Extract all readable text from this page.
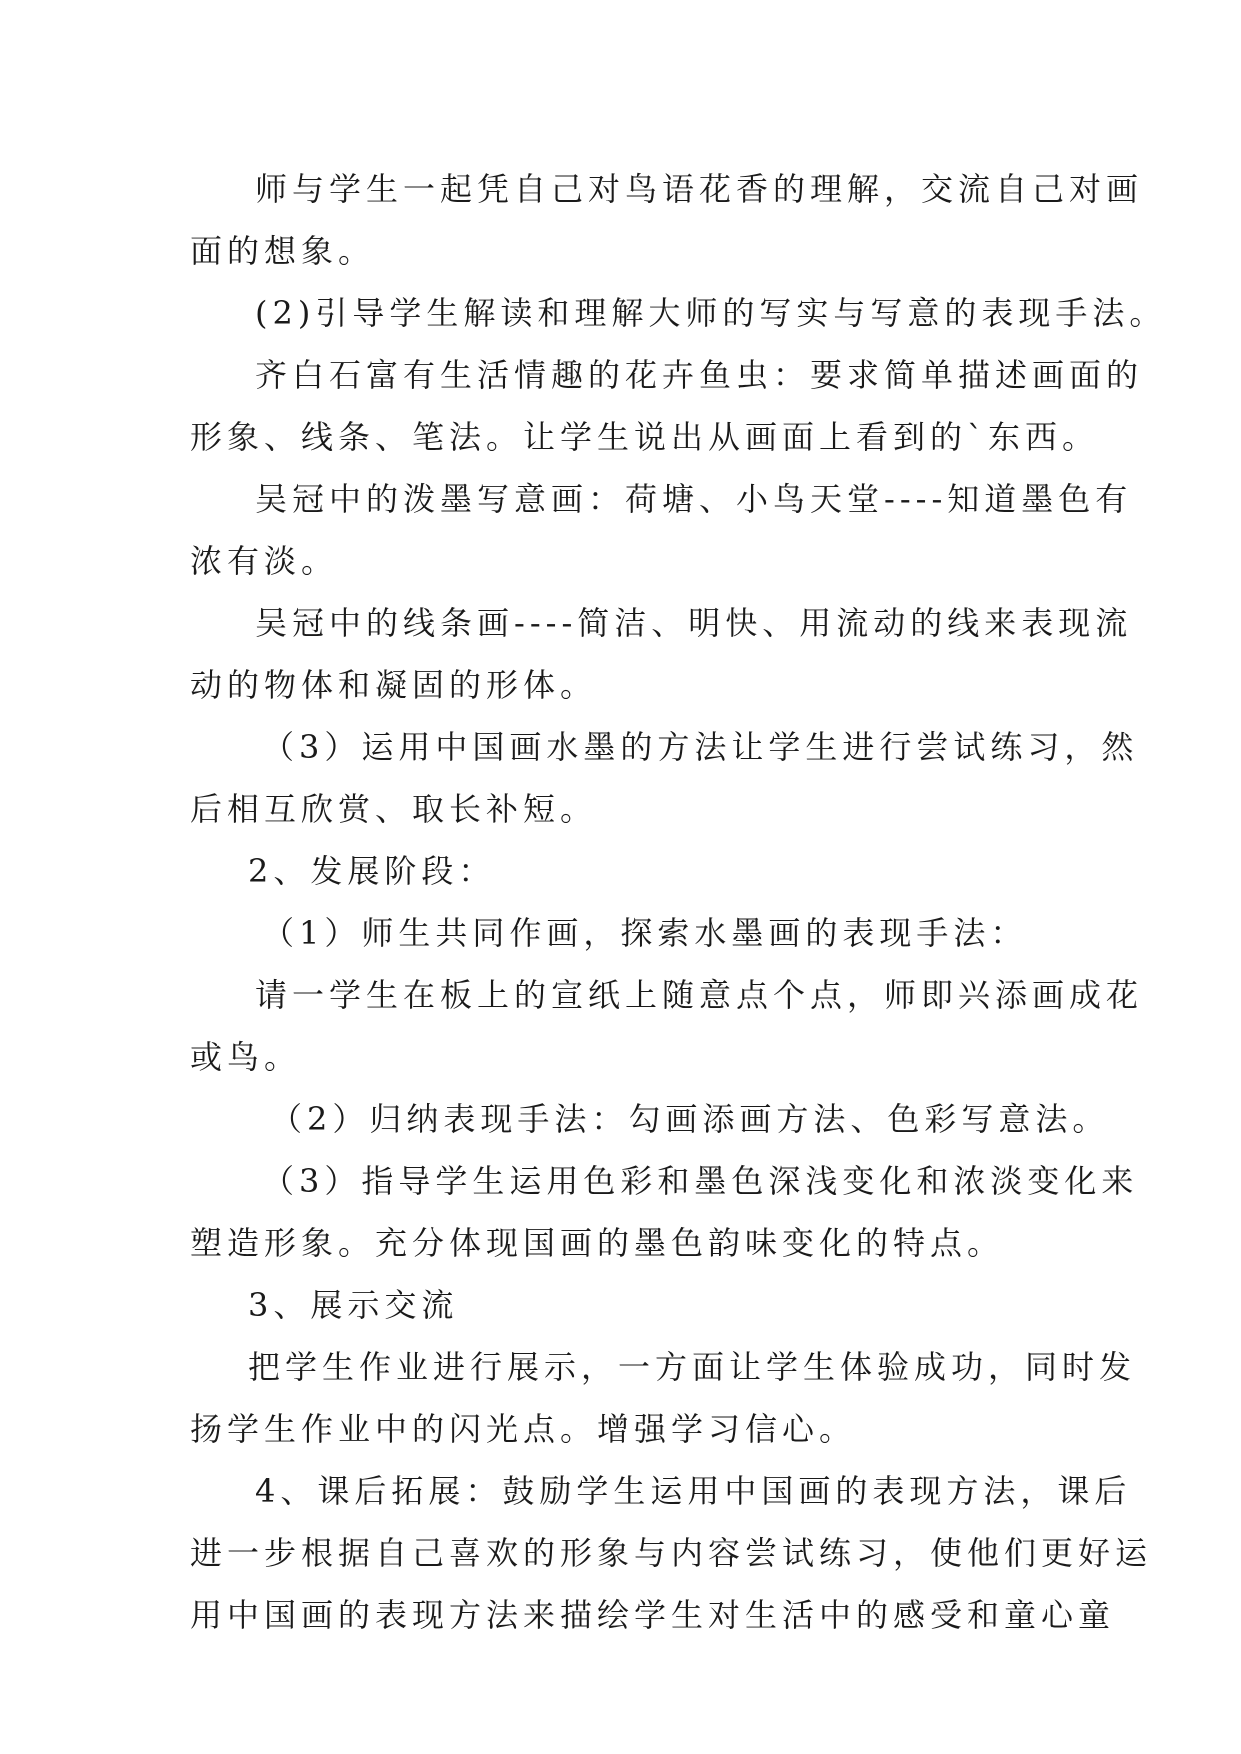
师与学生一起凭自己对鸟语花香的理解，交流自己对画
面的想象。
(2)引导学生解读和理解大师的写实与写意的表现手法。
齐白石富有生活情趣的花卉鱼虫：要求简单描述画面的
形象、线条、笔法。让学生说出从画面上看到的`东西。
吴冠中的泼墨写意画：荷塘、小鸟天堂----知道墨色有
浓有淡。
吴冠中的线条画----简洁、明快、用流动的线来表现流
动的物体和凝固的形体。
（3）运用中国画水墨的方法让学生进行尝试练习，然
后相互欣赏、取长补短。
2、发展阶段：
（1）师生共同作画，探索水墨画的表现手法：
请一学生在板上的宣纸上随意点个点，师即兴添画成花
或鸟。
（2）归纳表现手法：勾画添画方法、色彩写意法。
（3）指导学生运用色彩和墨色深浅变化和浓淡变化来
塑造形象。充分体现国画的墨色韵味变化的特点。
3、展示交流
把学生作业进行展示，一方面让学生体验成功，同时发
扬学生作业中的闪光点。增强学习信心。
4、课后拓展：鼓励学生运用中国画的表现方法，课后
进一步根据自己喜欢的形象与内容尝试练习，使他们更好运
用中国画的表现方法来描绘学生对生活中的感受和童心童
